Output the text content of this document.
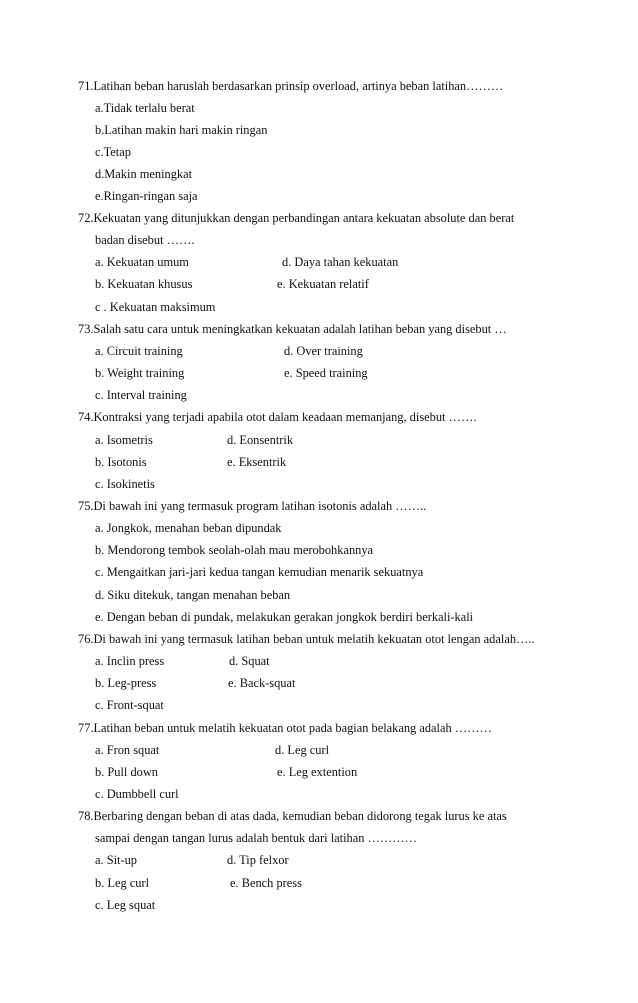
71.Latihan beban haruslah berdasarkan prinsip overload, artinya beban latihan………
a.Tidak terlalu berat
b.Latihan makin hari makin ringan
c.Tetap
d.Makin meningkat
e.Ringan-ringan saja
72.Kekuatan yang ditunjukkan dengan perbandingan antara kekuatan absolute dan berat
badan disebut …….
a. Kekuatan umum	d. Daya tahan kekuatan
b. Kekuatan khusus	e. Kekuatan relatif
c . Kekuatan maksimum
73.Salah satu cara untuk meningkatkan kekuatan adalah latihan beban yang disebut …
a. Circuit training	d. Over training
b. Weight training	e. Speed training
c. Interval training
74.Kontraksi yang terjadi apabila otot dalam keadaan memanjang, disebut …….
a. Isometris	d. Eonsentrik
b. Isotonis	e. Eksentrik
c. Isokinetis
75.Di bawah ini yang termasuk program latihan isotonis adalah ……..
a. Jongkok, menahan beban dipundak
b. Mendorong tembok seolah-olah mau merobohkannya
c. Mengaitkan jari-jari kedua tangan kemudian menarik sekuatnya
d. Siku ditekuk, tangan menahan beban
e. Dengan beban di pundak, melakukan gerakan jongkok berdiri berkali-kali
76.Di bawah ini yang termasuk latihan beban untuk melatih kekuatan otot lengan adalah…..
a. Inclin press	d. Squat
b. Leg-press	e. Back-squat
c. Front-squat
77.Latihan beban untuk melatih kekuatan otot pada bagian belakang adalah ………
a. Fron squat	d. Leg curl
b. Pull down	e. Leg extention
c. Dumbbell curl
78.Berbaring dengan beban di atas dada, kemudian beban didorong tegak lurus ke atas
sampai dengan tangan lurus adalah bentuk dari latihan …………
a. Sit-up	d. Tip felxor
b. Leg curl	e. Bench press
c. Leg squat
